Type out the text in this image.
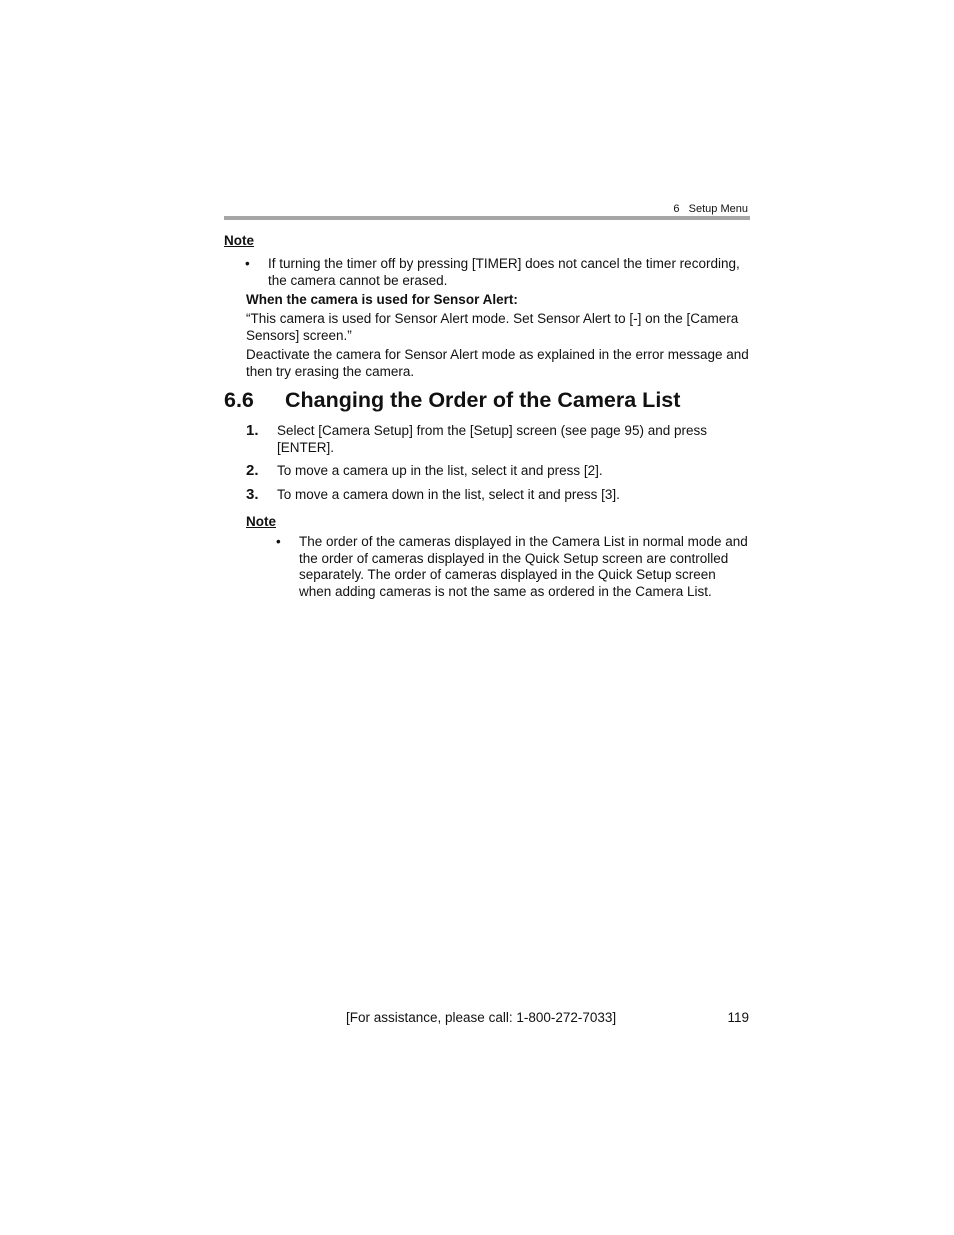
6 Setup Menu
Note
• If turning the timer off by pressing [TIMER] does not cancel the timer recording, the camera cannot be erased.
When the camera is used for Sensor Alert:
“This camera is used for Sensor Alert mode. Set Sensor Alert to [-] on the [Camera Sensors] screen.”
Deactivate the camera for Sensor Alert mode as explained in the error message and then try erasing the camera.
6.6 Changing the Order of the Camera List
1. Select [Camera Setup] from the [Setup] screen (see page 95) and press [ENTER].
2. To move a camera up in the list, select it and press [2].
3. To move a camera down in the list, select it and press [3].
Note
• The order of the cameras displayed in the Camera List in normal mode and the order of cameras displayed in the Quick Setup screen are controlled separately. The order of cameras displayed in the Quick Setup screen when adding cameras is not the same as ordered in the Camera List.
[For assistance, please call: 1-800-272-7033]	119
